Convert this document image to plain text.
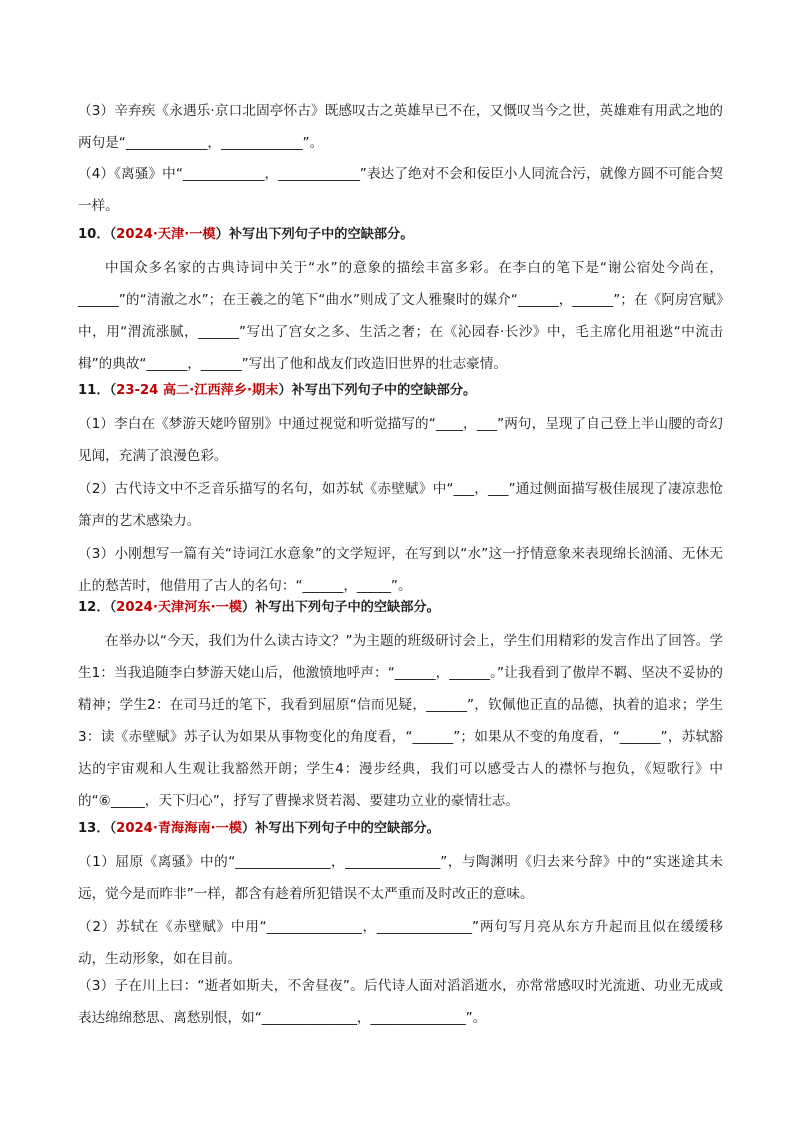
（3）辛弃疾《永遇乐·京口北固亭怀古》既感叹古之英雄早已不在，又慨叹当今之世，英雄难有用武之地的两句是“____________，____________”。

（4）《离骚》中“____________，____________”表达了绝对不会和佞臣小人同流合污，就像方圆不可能合契一样。

10．（2024·天津·一模）补写出下列句子中的空缺部分。

中国众多名家的古典诗词中关于“水”的意象的描绘丰富多彩。在李白的笔下是“谢公宿处今尚在，______”的“清澈之水”；在王羲之的笔下“曲水”则成了文人雅聚时的媒介“______，______”；在《阿房宫赋》中，用“渭流涨腻，______”写出了宫女之多、生活之奢；在《沁园春·长沙》中，毛主席化用祖逖“中流击楫”的典故“______，______”写出了他和战友们改造旧世界的壮志豪情。

11．（23-24 高二·江西萍乡·期末）补写出下列句子中的空缺部分。

（1）李白在《梦游天姥吟留别》中通过视觉和听觉描写的“____，___”两句，呈现了自己登上半山腰的奇幻见闻，充满了浪漫色彩。

（2）古代诗文中不乏音乐描写的名句，如苏轼《赤壁赋》中“___，___”通过侧面描写极佳展现了凄凉悲怆箫声的艺术感染力。

（3）小刚想写一篇有关“诗词江水意象”的文学短评，在写到以“水”这一抒情意象来表现绵长汹涌、无休无止的愁苦时，他借用了古人的名句：“______，_____”。

12．（2024·天津河东·一模）补写出下列句子中的空缺部分。

在举办以“今天，我们为什么读古诗文？”为主题的班级研讨会上，学生们用精彩的发言作出了回答。学生1：当我追随李白梦游天姥山后，他激愤地呼声：“______，______。”让我看到了傲岸不羁、坚决不妥协的精神；学生2：在司马迁的笔下，我看到屈原“信而见疑，______”，钦佩他正直的品德，执着的追求；学生3：读《赤壁赋》苏子认为如果从事物变化的角度看，“______”；如果从不变的角度看，“______”，苏轼豁达的宇宙观和人生观让我豁然开朗；学生4：漫步经典，我们可以感受古人的襟怀与抱负，《短歌行》中的“⑥_____，天下归心”，抒写了曹操求贤若渴、要建功立业的豪情壮志。

13．（2024·青海海南·一模）补写出下列句子中的空缺部分。

（1）屈原《离骚》中的“______________，______________”，与陶渊明《归去来兮辞》中的“实迷途其未远，觉今是而昨非”一样，都含有趁着所犯错误不太严重而及时改正的意味。

（2）苏轼在《赤壁赋》中用“______________，______________”两句写月亮从东方升起而且似在缓缓移动，生动形象，如在目前。

（3）子在川上曰：“逝者如斯夫，不舍昼夜”。后代诗人面对滔滔逝水，亦常常感叹时光流逝、功业无成或表达绵绵愁思、离愁别恨，如“______________，______________”。
